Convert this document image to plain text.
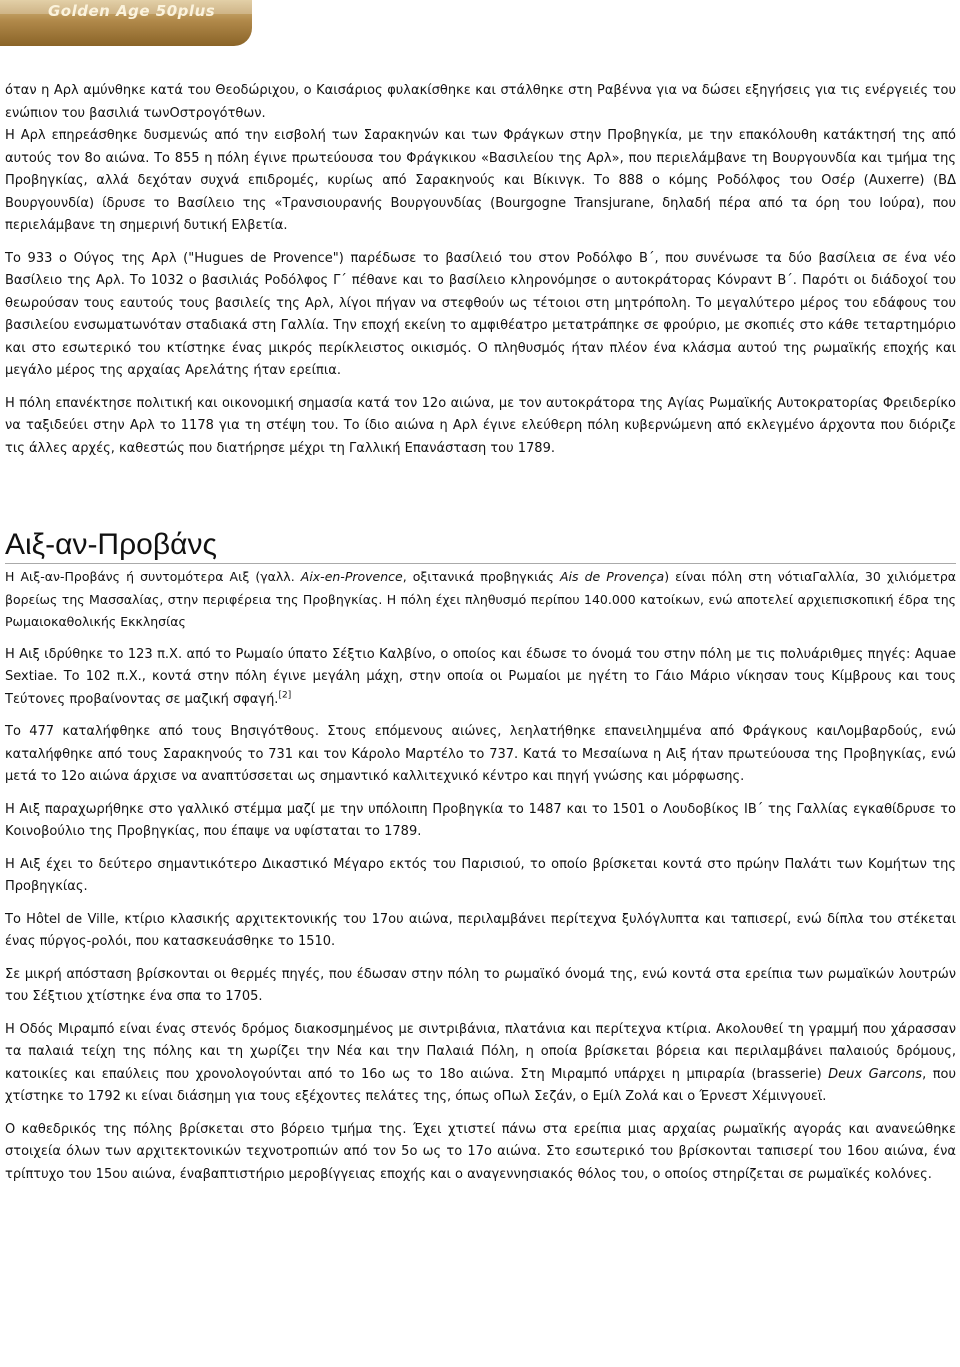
Golden Age 50plus

όταν η Αρλ αμύνθηκε κατά του Θεοδώριχου, ο Καισάριος φυλακίσθηκε και στάλθηκε στη Ραβέννα για να δώσει εξηγήσεις για τις ενέργειές του ενώπιον του βασιλιά τωνΟστρογότθων.

Η Αρλ επηρεάσθηκε δυσμενώς από την εισβολή των Σαρακηνών και των Φράγκων στην Προβηγκία, με την επακόλουθη κατάκτησή της από αυτούς τον 8ο αιώνα. Το 855 η πόλη έγινε πρωτεύουσα του Φράγκικου «Βασιλείου της Αρλ», που περιελάμβανε τη Βουργουνδία και τμήμα της Προβηγκίας, αλλά δεχόταν συχνά επιδρομές, κυρίως από Σαρακηνούς και Βίκινγκ. Το 888 ο κόμης Ροδόλφος του Οσέρ (Auxerre) (ΒΔ Βουργουνδία) ίδρυσε το Βασίλειο της «Τρανσιουρανής Βουργουνδίας (Bourgogne Transjurane, δηλαδή πέρα από τα όρη του Ιούρα), που περιελάμβανε τη σημερινή δυτική Ελβετία.

Το 933 ο Ούγος της Αρλ ("Hugues de Provence") παρέδωσε το βασίλειό του στον Ροδόλφο Β΄, που συνένωσε τα δύο βασίλεια σε ένα νέο Βασίλειο της Αρλ. Το 1032 ο βασιλιάς Ροδόλφος Γ΄ πέθανε και το βασίλειο κληρονόμησε ο αυτοκράτορας Κόνραντ Β΄. Παρότι οι διάδοχοί του θεωρούσαν τους εαυτούς τους βασιλείς της Αρλ, λίγοι πήγαν να στεφθούν ως τέτοιοι στη μητρόπολη. Το μεγαλύτερο μέρος του εδάφους του βασιλείου ενσωματωνόταν σταδιακά στη Γαλλία. Την εποχή εκείνη το αμφιθέατρο μετατράπηκε σε φρούριο, με σκοπιές στο κάθε τεταρτημόριο και στο εσωτερικό του κτίστηκε ένας μικρός περίκλειστος οικισμός. Ο πληθυσμός ήταν πλέον ένα κλάσμα αυτού της ρωμαϊκής εποχής και μεγάλο μέρος της αρχαίας Αρελάτης ήταν ερείπια.

Η πόλη επανέκτησε πολιτική και οικονομική σημασία κατά τον 12ο αιώνα, με τον αυτοκράτορα της Αγίας Ρωμαϊκής Αυτοκρατορίας Φρειδερίκο να ταξιδεύει στην Αρλ το 1178 για τη στέψη του. Το ίδιο αιώνα η Αρλ έγινε ελεύθερη πόλη κυβερνώμενη από εκλεγμένο άρχοντα που διόριζε τις άλλες αρχές, καθεστώς που διατήρησε μέχρι τη Γαλλική Επανάσταση του 1789.

Αιξ-αν-Προβάνς

Η Αιξ-αν-Προβάνς ή συντομότερα Αιξ (γαλλ. Aix-en-Provence, οξιτανικά προβηγκιάς Ais de Provença) είναι πόλη στη νότιαΓαλλία, 30 χιλιόμετρα βορείως της Μασσαλίας, στην περιφέρεια της Προβηγκίας. Η πόλη έχει πληθυσμό περίπου 140.000 κατοίκων, ενώ αποτελεί αρχιεπισκοπική έδρα της Ρωμαιοκαθολικής Εκκλησίας

Η Αιξ ιδρύθηκε το 123 π.Χ. από το Ρωμαίο ύπατο Σέξτιο Καλβίνο, ο οποίος και έδωσε το όνομά του στην πόλη με τις πολυάριθμες πηγές: Aquae Sextiae. Το 102 π.Χ., κοντά στην πόλη έγινε μεγάλη μάχη, στην οποία οι Ρωμαίοι με ηγέτη το Γάιο Μάριο νίκησαν τους Κίμβρους και τους Τεύτονες προβαίνοντας σε μαζική σφαγή.[2]

Το 477 καταλήφθηκε από τους Βησιγότθους. Στους επόμενους αιώνες, λεηλατήθηκε επανειλημμένα από Φράγκους καιΛομβαρδούς, ενώ καταλήφθηκε από τους Σαρακηνούς το 731 και τον Κάρολο Μαρτέλο το 737. Κατά το Μεσαίωνα η Αιξ ήταν πρωτεύουσα της Προβηγκίας, ενώ μετά το 12ο αιώνα άρχισε να αναπτύσσεται ως σημαντικό καλλιτεχνικό κέντρο και πηγή γνώσης και μόρφωσης.

Η Αιξ παραχωρήθηκε στο γαλλικό στέμμα μαζί με την υπόλοιπη Προβηγκία το 1487 και το 1501 ο Λουδοβίκος ΙΒ΄ της Γαλλίας εγκαθίδρυσε το Κοινοβούλιο της Προβηγκίας, που έπαψε να υφίσταται το 1789.

Η Αιξ έχει το δεύτερο σημαντικότερο Δικαστικό Μέγαρο εκτός του Παρισιού, το οποίο βρίσκεται κοντά στο πρώην Παλάτι των Κομήτων της Προβηγκίας.

Το Hôtel de Ville, κτίριο κλασικής αρχιτεκτονικής του 17ου αιώνα, περιλαμβάνει περίτεχνα ξυλόγλυπτα και ταπισερί, ενώ δίπλα του στέκεται ένας πύργος-ρολόι, που κατασκευάσθηκε το 1510.

Σε μικρή απόσταση βρίσκονται οι θερμές πηγές, που έδωσαν στην πόλη το ρωμαϊκό όνομά της, ενώ κοντά στα ερείπια των ρωμαϊκών λουτρών του Σέξτιου χτίστηκε ένα σπα το 1705.

Η Οδός Μιραμπό είναι ένας στενός δρόμος διακοσμημένος με σιντριβάνια, πλατάνια και περίτεχνα κτίρια. Ακολουθεί τη γραμμή που χάρασσαν τα παλαιά τείχη της πόλης και τη χωρίζει την Νέα και την Παλαιά Πόλη, η οποία βρίσκεται βόρεια και περιλαμβάνει παλαιούς δρόμους, κατοικίες και επαύλεις που χρονολογούνται από το 16ο ως το 18ο αιώνα. Στη Μιραμπό υπάρχει η μπιραρία (brasserie) Deux Garcons, που χτίστηκε το 1792 κι είναι διάσημη για τους εξέχοντες πελάτες της, όπως οΠωλ Σεζάν, ο Εμίλ Ζολά και ο Έρνεστ Χέμινγουεϊ.

Ο καθεδρικός της πόλης βρίσκεται στο βόρειο τμήμα της. Έχει χτιστεί πάνω στα ερείπια μιας αρχαίας ρωμαϊκής αγοράς και ανανεώθηκε στοιχεία όλων των αρχιτεκτονικών τεχνοτροπιών από τον 5ο ως το 17ο αιώνα. Στο εσωτερικό του βρίσκονται ταπισερί του 16ου αιώνα, ένα τρίπτυχο του 15ου αιώνα, έναβαπτιστήριο μεροβίγγειας εποχής και ο αναγεννησιακός θόλος του, ο οποίος στηρίζεται σε ρωμαϊκές κολόνες.
